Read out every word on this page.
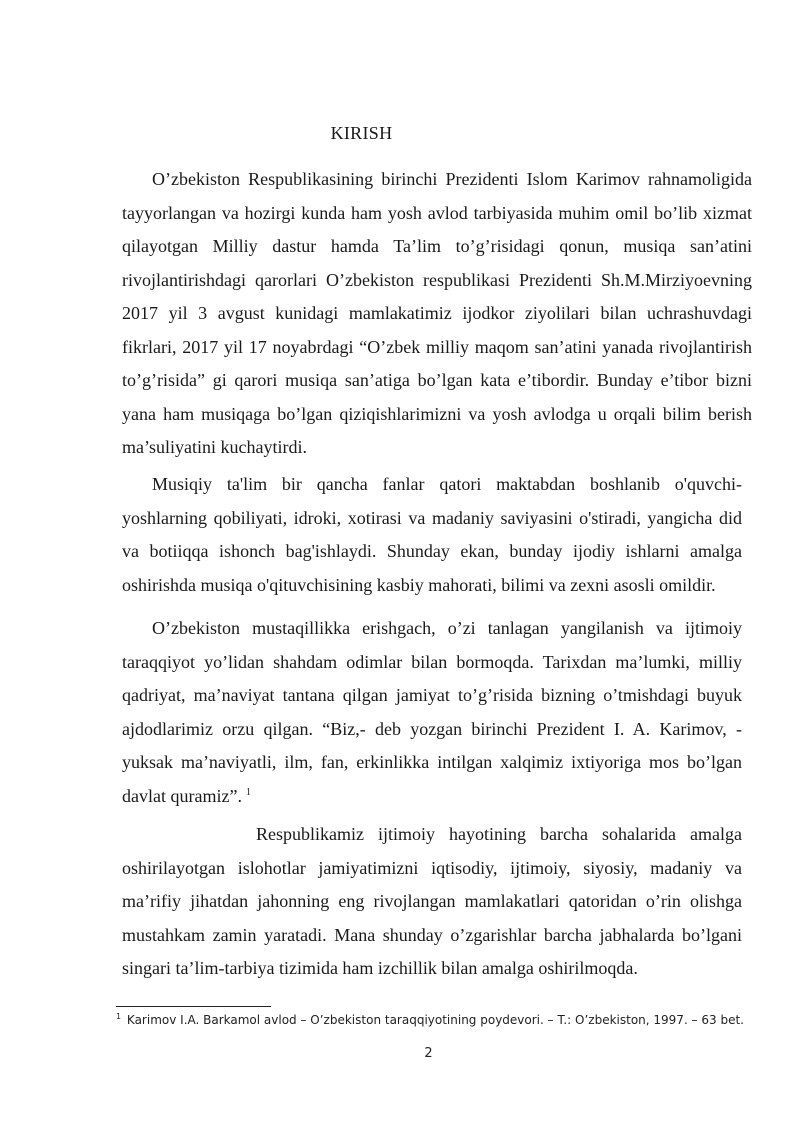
KIRISH

O’zbekiston Respublikasining birinchi Prezidenti Islom Karimov rahnamoligida tayyorlangan va hozirgi kunda ham yosh avlod tarbiyasida muhim omil bo’lib xizmat qilayotgan Milliy dastur hamda Ta’lim to’g’risidagi qonun, musiqa san’atini rivojlantirishdagi qarorlari O’zbekiston respublikasi Prezidenti Sh.M.Mirziyoevning 2017 yil 3 avgust kunidagi mamlakatimiz ijodkor ziyolilari bilan uchrashuvdagi fikrlari, 2017 yil 17 noyabrdagi “O’zbek milliy maqom san’atini yanada rivojlantirish to’g’risida” gi qarori musiqa san’atiga bo’lgan kata e’tibordir. Bunday e’tibor bizni yana ham musiqaga bo’lgan qiziqishlarimizni va yosh avlodga u orqali bilim berish ma’suliyatini kuchaytirdi.

Musiqiy ta'lim bir qancha fanlar qatori maktabdan boshlanib o'quvchi-yoshlarning qobiliyati, idroki, xotirasi va madaniy saviyasini o'stiradi, yangicha did va botiiqqa ishonch bag'ishlaydi. Shunday ekan, bunday ijodiy ishlarni amalga oshirishda musiqa o'qituvchisining kasbiy mahorati, bilimi va zexni asosli omildir.

O’zbekiston mustaqillikka erishgach, o’zi tanlagan yangilanish va ijtimoiy taraqqiyot yo’lidan shahdam odimlar bilan bormoqda. Tarixdan ma’lumki, milliy qadriyat, ma’naviyat tantana qilgan jamiyat to’g’risida bizning o’tmishdagi buyuk ajdodlarimiz orzu qilgan. “Biz,- deb yozgan birinchi Prezident I. A. Karimov, - yuksak ma’naviyatli, ilm, fan, erkinlikka intilgan xalqimiz ixtiyoriga mos bo’lgan davlat quramiz”. $^1$

Respublikamiz ijtimoiy hayotining barcha sohalarida amalga oshirilayotgan islohotlar jamiyatimizni iqtisodiy, ijtimoiy, siyosiy, madaniy va ma’rifiy jihatdan jahonning eng rivojlangan mamlakatlari qatoridan o’rin olishga mustahkam zamin yaratadi. Mana shunday o’zgarishlar barcha jabhalarda bo’lgani singari ta’lim-tarbiya tizimida ham izchillik bilan amalga oshirilmoqda.

$^1$ Karimov I.A. Barkamol avlod – O’zbekiston taraqqiyotining poydevori. – T.: O’zbekiston, 1997. – 63 bet.
2
